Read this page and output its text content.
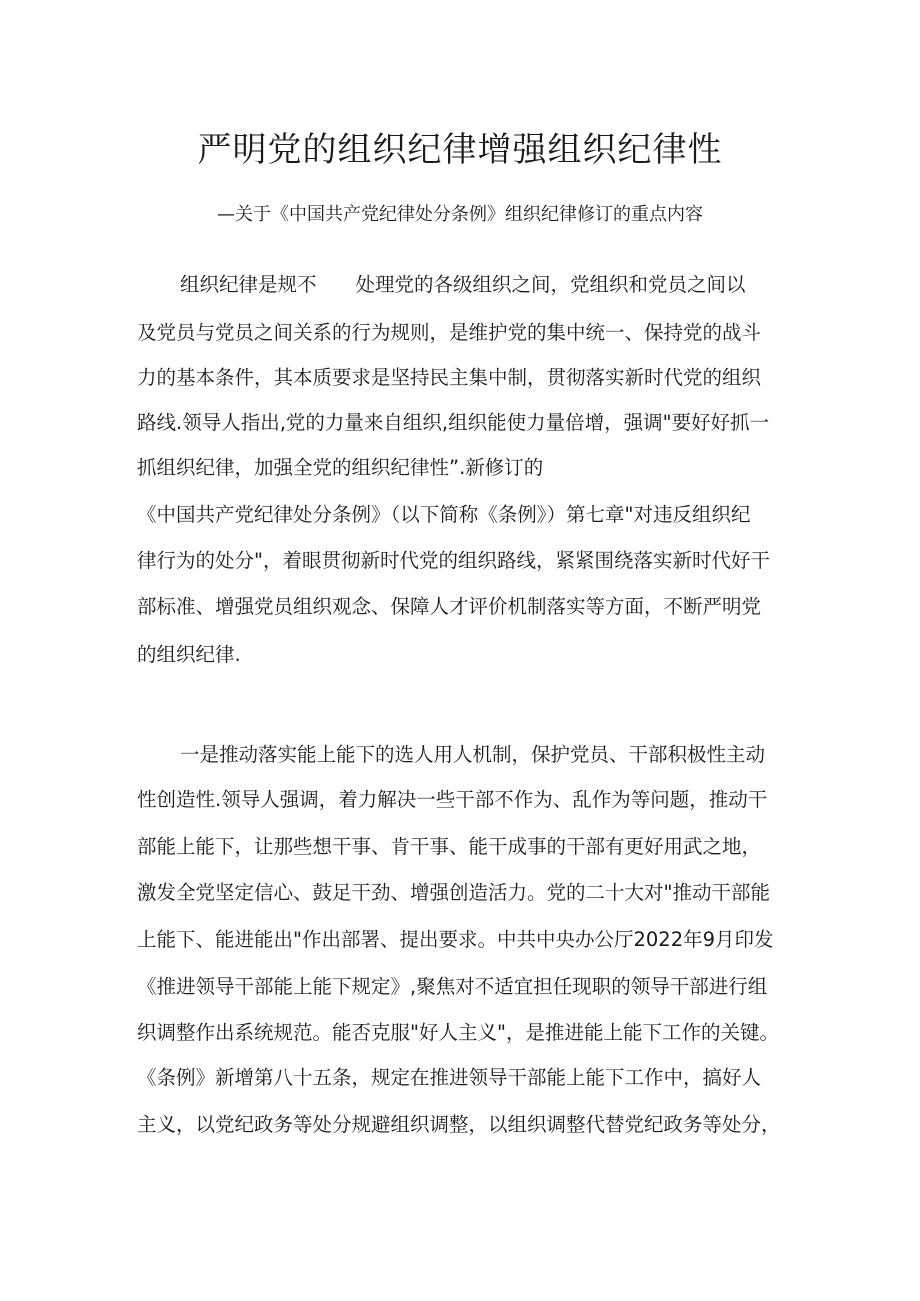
严明党的组织纪律增强组织纪律性

—关于《中国共产党纪律处分条例》组织纪律修订的重点内容

组织纪律是规不　　处理党的各级组织之间，党组织和党员之间以
及党员与党员之间关系的行为规则，是维护党的集中统一、保持党的战斗
力的基本条件，其本质要求是坚持民主集中制，贯彻落实新时代党的组织
路线.领导人指出,党的力量来自组织,组织能使力量倍增，强调"要好好抓一
抓组织纪律，加强全党的组织纪律性”.新修订的
《中国共产党纪律处分条例》（以下简称《条例》）第七章"对违反组织纪
律行为的处分"，着眼贯彻新时代党的组织路线，紧紧围绕落实新时代好干
部标准、增强党员组织观念、保障人才评价机制落实等方面，不断严明党
的组织纪律.
一是推动落实能上能下的选人用人机制，保护党员、干部积极性主动
性创造性.领导人强调，着力解决一些干部不作为、乱作为等问题，推动干
部能上能下，让那些想干事、肯干事、能干成事的干部有更好用武之地，
激发全党坚定信心、鼓足干劲、增强创造活力。党的二十大对"推动干部能
上能下、能进能出"作出部署、提出要求。中共中央办公厅2022年9月印发
《推进领导干部能上能下规定》,聚焦对不适宜担任现职的领导干部进行组
织调整作出系统规范。能否克服"好人主义"，是推进能上能下工作的关键。
《条例》新增第八十五条，规定在推进领导干部能上能下工作中，搞好人
主义，以党纪政务等处分规避组织调整，以组织调整代替党纪政务等处分，
